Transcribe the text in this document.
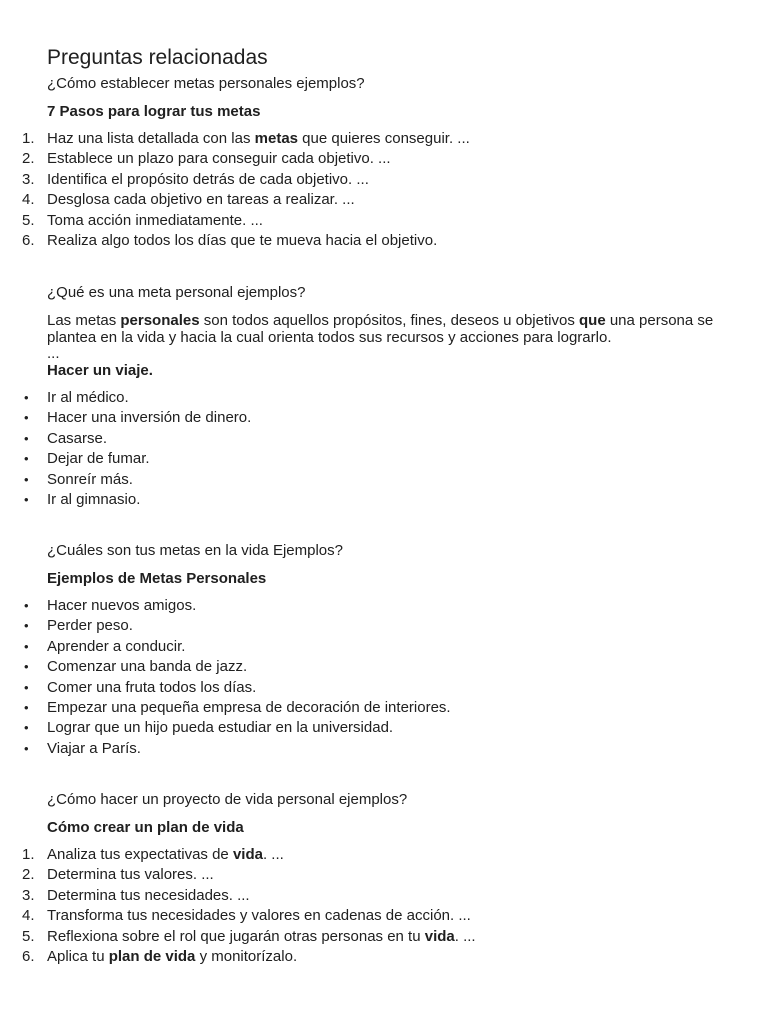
Preguntas relacionadas

¿Cómo establecer metas personales ejemplos?

7 Pasos para lograr tus metas

1. Haz una lista detallada con las metas que quieres conseguir. ...
2. Establece un plazo para conseguir cada objetivo. ...
3. Identifica el propósito detrás de cada objetivo. ...
4. Desglosa cada objetivo en tareas a realizar. ...
5. Toma acción inmediatamente. ...
6. Realiza algo todos los días que te mueva hacia el objetivo.

¿Qué es una meta personal ejemplos?

Las metas personales son todos aquellos propósitos, fines, deseos u objetivos que una persona se plantea en la vida y hacia la cual orienta todos sus recursos y acciones para lograrlo.

...

Hacer un viaje.

•	Ir al médico.
•	Hacer una inversión de dinero.
•	Casarse.
•	Dejar de fumar.
•	Sonreír más.
•	Ir al gimnasio.

¿Cuáles son tus metas en la vida Ejemplos?

Ejemplos de Metas Personales

•	Hacer nuevos amigos.
•	Perder peso.
•	Aprender a conducir.
•	Comenzar una banda de jazz.
•	Comer una fruta todos los días.
•	Empezar una pequeña empresa de decoración de interiores.
•	Lograr que un hijo pueda estudiar en la universidad.
•	Viajar a París.

¿Cómo hacer un proyecto de vida personal ejemplos?

Cómo crear un plan de vida

1. Analiza tus expectativas de vida. ...
2. Determina tus valores. ...
3. Determina tus necesidades. ...
4. Transforma tus necesidades y valores en cadenas de acción. ...
5. Reflexiona sobre el rol que jugarán otras personas en tu vida. ...
6. Aplica tu plan de vida y monitorízalo.
